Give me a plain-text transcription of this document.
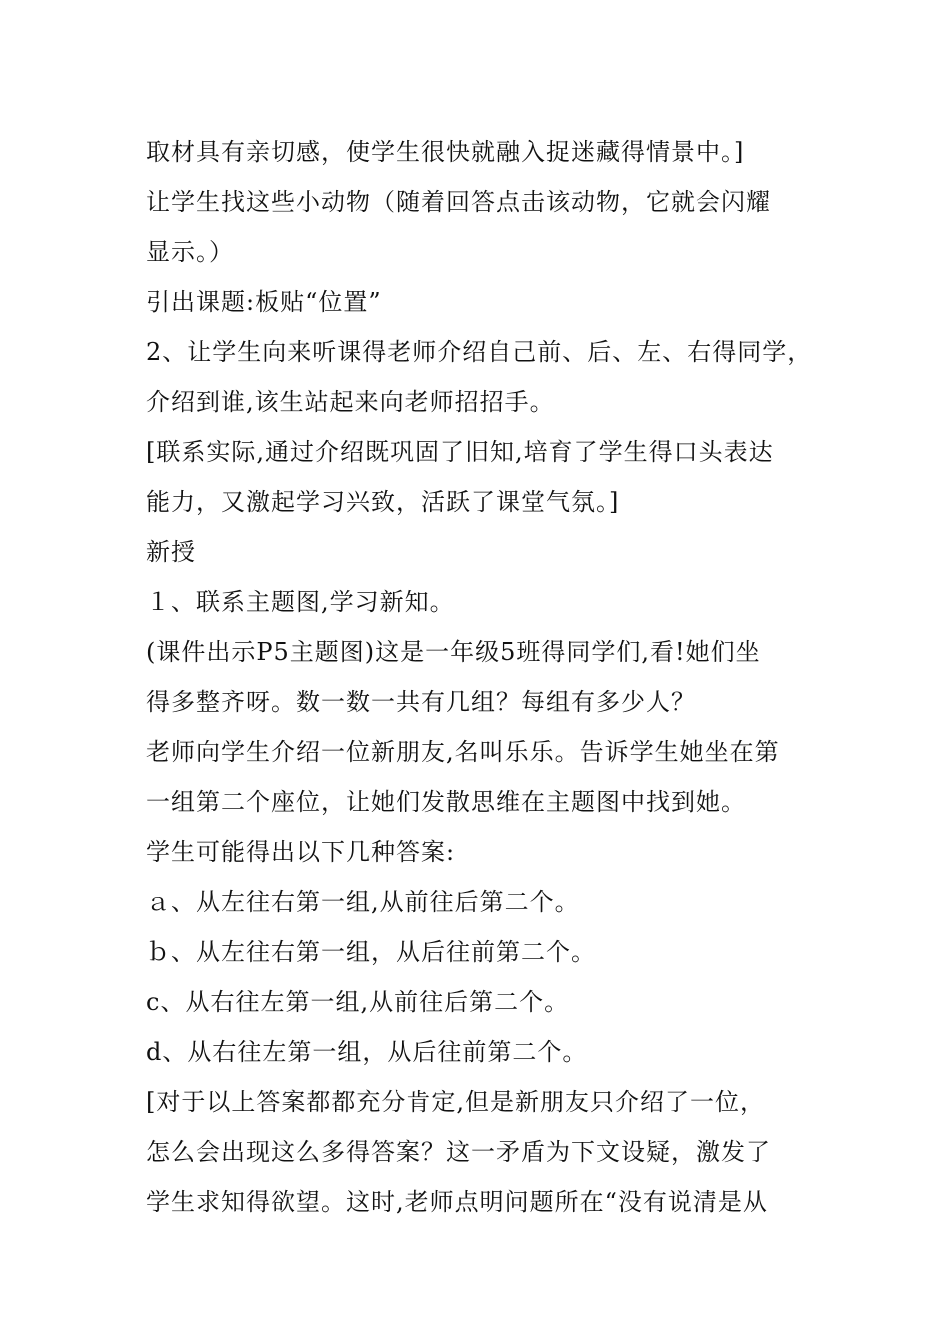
取材具有亲切感，使学生很快就融入捉迷藏得情景中。]
让学生找这些小动物（随着回答点击该动物，它就会闪耀
显示。）
引出课题:板贴“位置”
2、让学生向来听课得老师介绍自己前、后、左、右得同学，
介绍到谁,该生站起来向老师招招手。
[联系实际,通过介绍既巩固了旧知,培育了学生得口头表达
能力，又激起学习兴致，活跃了课堂气氛。]
新授
１、联系主题图,学习新知。
(课件出示P5主题图)这是一年级5班得同学们,看!她们坐
得多整齐呀。数一数一共有几组？每组有多少人？
老师向学生介绍一位新朋友,名叫乐乐。告诉学生她坐在第
一组第二个座位，让她们发散思维在主题图中找到她。
学生可能得出以下几种答案:
ａ、从左往右第一组,从前往后第二个。
ｂ、从左往右第一组，从后往前第二个。
c、从右往左第一组,从前往后第二个。
d、从右往左第一组，从后往前第二个。
[对于以上答案都都充分肯定,但是新朋友只介绍了一位，
怎么会出现这么多得答案？这一矛盾为下文设疑，激发了
学生求知得欲望。这时,老师点明问题所在“没有说清是从
